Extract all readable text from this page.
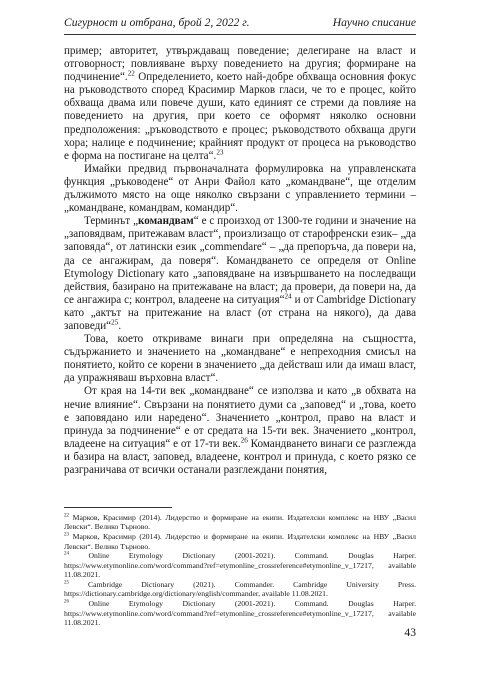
Сигурност и отбрана, брой 2, 2022 г.	Научно списание

пример; авторитет, утвърждаващ поведение; делегиране на власт и отговорност; повлияване върху поведението на другия; формиране на подчинение“.$^{22}$ Определението, което най-добре обхваща основния фокус на ръководството според Красимир Марков гласи, че то е процес, който обхваща двама или повече души, като единият се стреми да повлияе на поведението на другия, при което се оформят няколко основни предположения: „ръководството е процес; ръководството обхваща други хора; налице е подчинение; крайният продукт от процеса на ръководство е форма на постигане на целта“.$^{23}$

Имайки предвид първоначалната формулировка на управленската функция „ръководене“ от Анри Файол като „командване“, ще отделим дължимото място на още няколко свързани с управлението термини – „командване, командвам, командир“.

Терминът „командвам“ е с произход от 1300-те години и значение на „заповядвам, притежавам власт“, произлизащо от старофренски език– „да заповяда“, от латински език „commendare“ – „да препоръча, да повери на, да се ангажирам, да поверя“. Командването се определя от Online Etymology Dictionary като „заповядване на извършването на последващи действия, базирано на притежаване на власт; да провери, да повери на, да се ангажира с; контрол, владеене на ситуация“$^{24}$ и от Cambridge Dictionary като „актът на притежание на власт (от страна на някого), да дава заповеди“$^{25}$.

Това, което откриваме винаги при определяна на същността, съдържанието и значението на „командване“ е непреходния смисъл на понятието, който се корени в значението „да действаш или да имаш власт, да упражняваш върховна власт“.

От края на 14-ти век „командване“ се използва и като „в обхвата на нечие влияние“. Свързани на понятието думи са „заповед“ и „това, което е заповядано или наредено“. Значението „контрол, право на власт и принуда за подчинение“ е от средата на 15-ти век. Значението „контрол, владеене на ситуация“ е от 17-ти век.$^{26}$ Командването винаги се разглежда и базира на власт, заповед, владеене, контрол и принуда, с което рязко се разграничава от всички останали разглеждани понятия,

$^{22}$ Марков, Красимир (2014). Лидерство и формиране на екипи. Издателски комплекс на НВУ „Васил Левски“. Велико Търново.

$^{23}$ Марков, Красимир (2014). Лидерство и формиране на екипи. Издателски комплекс на НВУ „Васил Левски“. Велико Търново.

$^{24}$ Online Etymology Dictionary (2001-2021). Command. Douglas Harper. https://www.etymonline.com/word/command?ref=etymonline_crossreference#etymonline_v_17217, available 11.08.2021.

$^{25}$ Cambridge Dictionary (2021). Commander. Cambridge University Press. https://dictionary.cambridge.org/dictionary/english/commander, available 11.08.2021.

$^{26}$ Online Etymology Dictionary (2001-2021). Command. Douglas Harper. https://www.etymonline.com/word/command?ref=etymonline_crossreference#etymonline_v_17217, available 11.08.2021.

43
